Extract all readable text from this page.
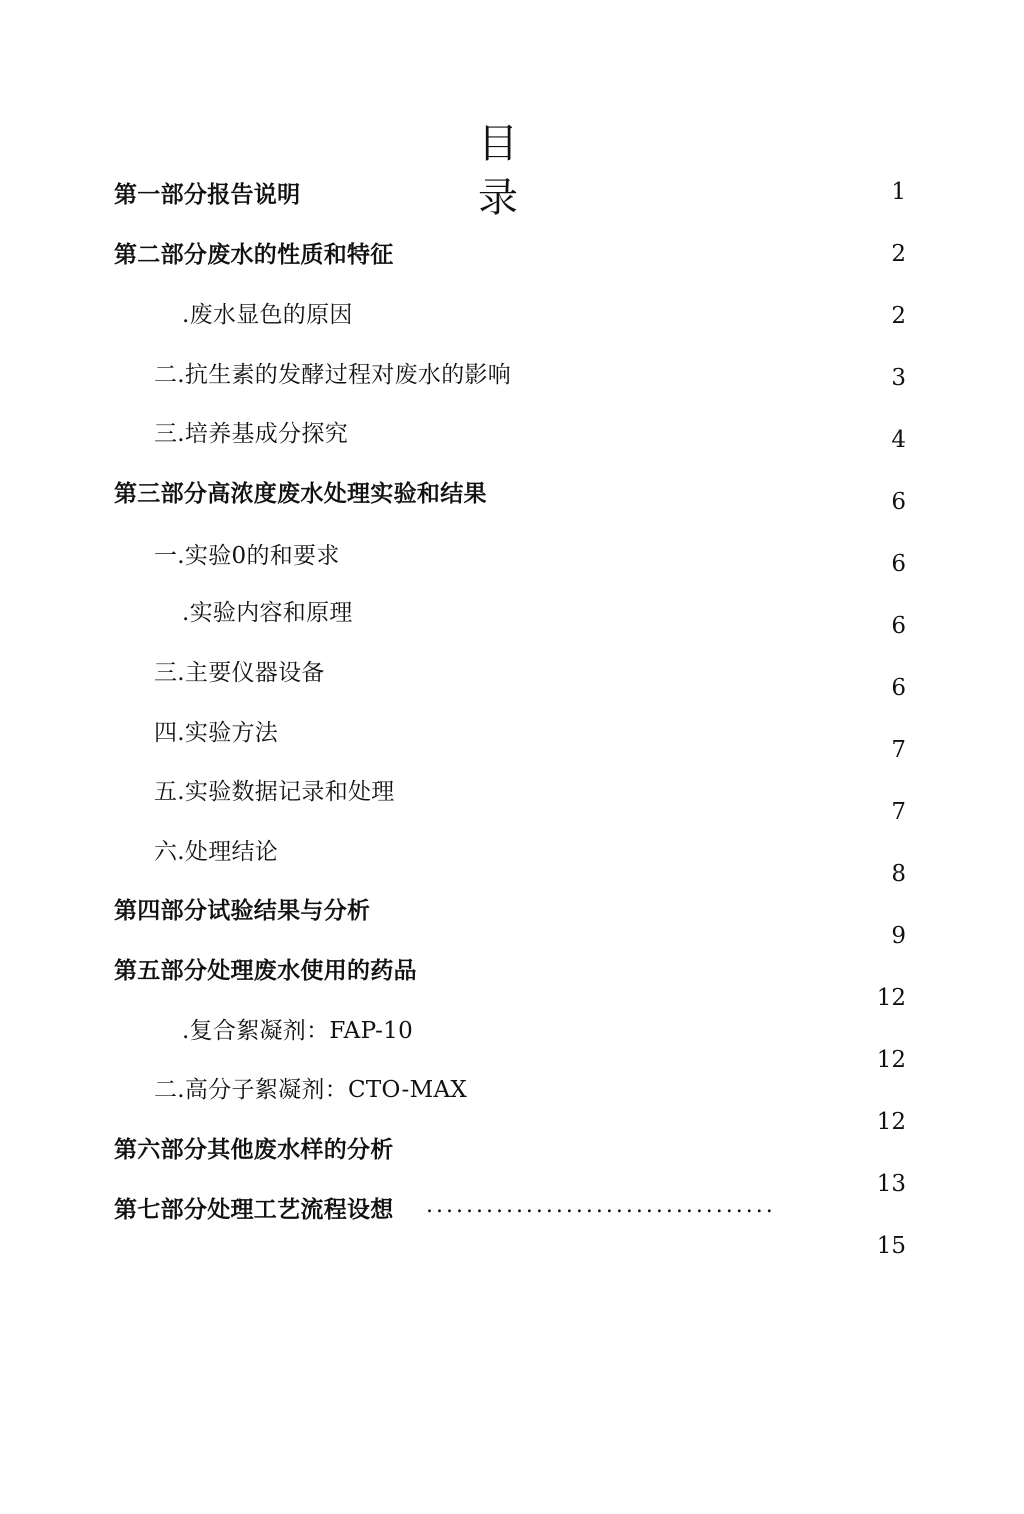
目
录
第一部分报告说明
第二部分废水的性质和特征
.废水显色的原因
二.抗生素的发酵过程对废水的影响
三.培养基成分探究
第三部分高浓度废水处理实验和结果
一.实验0的和要求
.实验内容和原理
三.主要仪器设备
四.实验方法
五.实验数据记录和处理
六.处理结论
第四部分试验结果与分析
第五部分处理废水使用的药品
.复合絮凝剂：FAP-10
二.高分子絮凝剂：CTO-MAX
第六部分其他废水样的分析
第七部分处理工艺流程设想 ...................................
1
2
2
3
4
6
6
6
6
7
7
8
9
12
12
12
13
15
